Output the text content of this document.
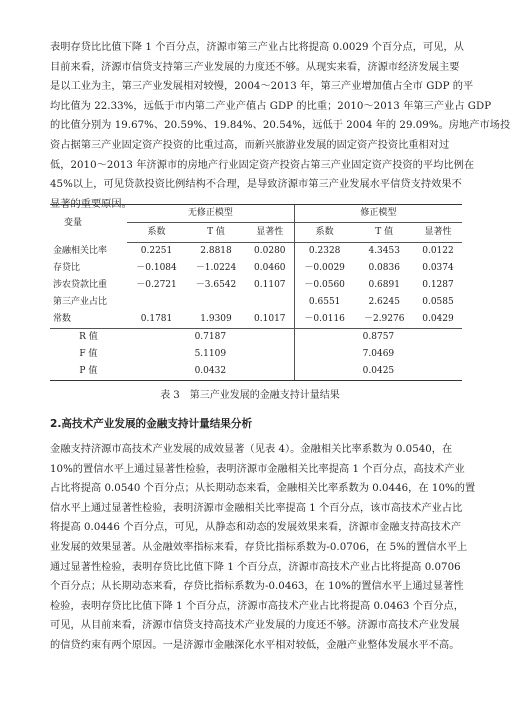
表明存贷比比值下降 1 个百分点，济源市第三产业占比将提高 0.0029 个百分点，可见，从
目前来看，济源市信贷支持第三产业发展的力度还不够。从现实来看，济源市经济发展主要
是以工业为主，第三产业发展相对较慢，2004～2013 年，第三产业增加值占全市 GDP 的平
均比值为 22.33%，远低于市内第二产业产值占 GDP 的比重；2010～2013 年第三产业占 GDP
的比值分别为 19.67%、20.59%、19.84%、20.54%，远低于 2004 年的 29.09%。房地产市场投
资占据第三产业固定资产投资的比重过高，而新兴旅游业发展的固定资产投资比重相对过
低，2010～2013 年济源市的房地产行业固定资产投资占第三产业固定资产投资的平均比例在
45%以上，可见贷款投资比例结构不合理，是导致济源市第三产业发展水平信贷支持效果不
显著的重要原因。
变量	无修正模型			修正模型		
	系数	T 值	显著性	系数	T 值	显著性
金融相关比率	0.2251	2.8818	0.0280	0.2328	4.3453	0.0122
存贷比	－0.1084	－1.0224	0.0460	－0.0029	0.0836	0.0374
涉农贷款比重	－0.2721	－3.6542	0.1107	－0.0560	0.6891	0.1287
第三产业占比				0.6551	2.6245	0.0585
常数	0.1781	1.9309	0.1017	－0.0116	－2.9276	0.0429
R 值	0.7187			0.8757		
F 值	5.1109			7.0469		
P 值	0.0432			0.0425		
表 3　第三产业发展的金融支持计量结果
2.高技术产业发展的金融支持计量结果分析
金融支持济源市高技术产业发展的成效显著（见表 4）。金融相关比率系数为 0.0540，在
10%的置信水平上通过显著性检验，表明济源市金融相关比率提高 1 个百分点，高技术产业
占比将提高 0.0540 个百分点；从长期动态来看，金融相关比率系数为 0.0446，在 10%的置
信水平上通过显著性检验，表明济源市金融相关比率提高 1 个百分点，该市高技术产业占比
将提高 0.0446 个百分点，可见，从静态和动态的发展效果来看，济源市金融支持高技术产
业发展的效果显著。从金融效率指标来看，存贷比指标系数为-0.0706，在 5%的置信水平上
通过显著性检验，表明存贷比比值下降 1 个百分点，济源市高技术产业占比将提高 0.0706
个百分点；从长期动态来看，存贷比指标系数为-0.0463，在 10%的置信水平上通过显著性
检验，表明存贷比比值下降 1 个百分点，济源市高技术产业占比将提高 0.0463 个百分点，
可见，从目前来看，济源市信贷支持高技术产业发展的力度还不够。济源市高技术产业发展
的信贷约束有两个原因。一是济源市金融深化水平相对较低，金融产业整体发展水平不高。
